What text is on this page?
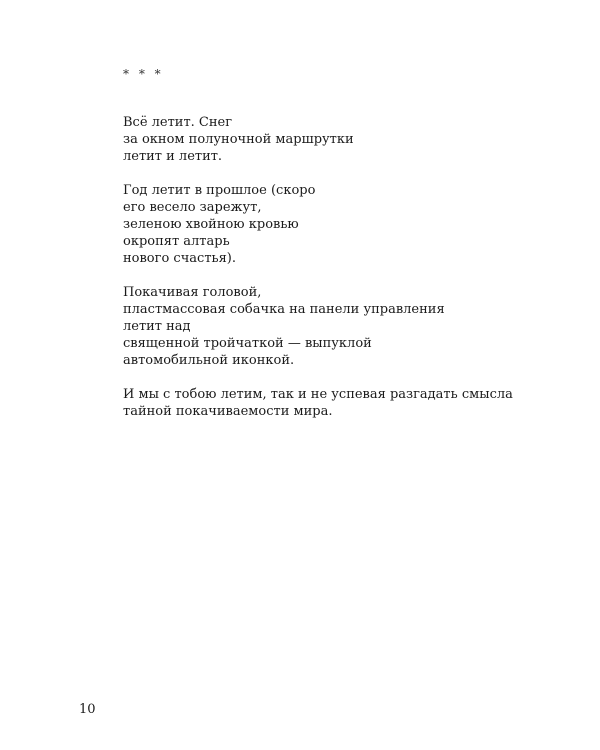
* * *
Всё летит. Снег
за окном полуночной маршрутки
летит и летит.
Год летит в прошлое (скоро
его весело зарежут,
зеленою хвойною кровью
окропят алтарь
нового счастья).
Покачивая головой,
пластмассовая собачка на панели управления
летит над
священной тройчаткой — выпуклой
автомобильной иконкой.
И мы с тобою летим, так и не успевая разгадать смысла
тайной покачиваемости мира.
10
